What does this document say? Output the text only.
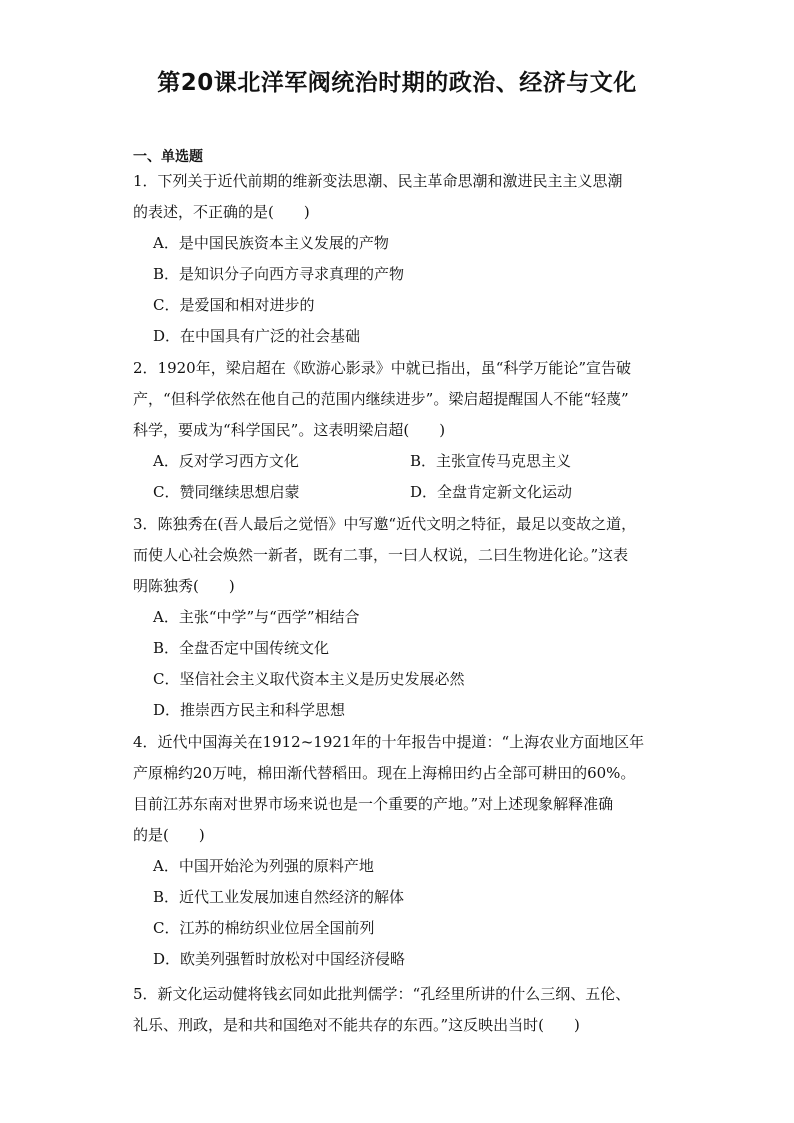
第20课北洋军阀统治时期的政治、经济与文化
一、单选题
1．下列关于近代前期的维新变法思潮、民主革命思潮和激进民主主义思潮
的表述，不正确的是(　　)
A．是中国民族资本主义发展的产物
B．是知识分子向西方寻求真理的产物
C．是爱国和相对进步的
D．在中国具有广泛的社会基础
2．1920年，梁启超在《欧游心影录》中就已指出，虽“科学万能论”宣告破
产，“但科学依然在他自己的范围内继续进步”。梁启超提醒国人不能“轻蔑”
科学，要成为“科学国民”。这表明梁启超(　　)
A．反对学习西方文化	B．主张宣传马克思主义
C．赞同继续思想启蒙	D．全盘肯定新文化运动
3．陈独秀在(吾人最后之觉悟》中写邀“近代文明之特征，最足以变故之道，
而使人心社会焕然一新者，既有二事，一曰人权说，二曰生物进化论。”这表
明陈独秀(　　)
A．主张“中学”与“西学”相结合
B．全盘否定中国传统文化
C．坚信社会主义取代资本主义是历史发展必然
D．推崇西方民主和科学思想
4．近代中国海关在1912~1921年的十年报告中提道：“上海农业方面地区年
产原棉约20万吨，棉田渐代替稻田。现在上海棉田约占全部可耕田的60%。
目前江苏东南对世界市场来说也是一个重要的产地。”对上述现象解释准确
的是(　　)
A．中国开始沦为列强的原料产地
B．近代工业发展加速自然经济的解体
C．江苏的棉纺织业位居全国前列
D．欧美列强暂时放松对中国经济侵略
5．新文化运动健将钱玄同如此批判儒学：“孔经里所讲的什么三纲、五伦、
礼乐、刑政，是和共和国绝对不能共存的东西。”这反映出当时(　　)
